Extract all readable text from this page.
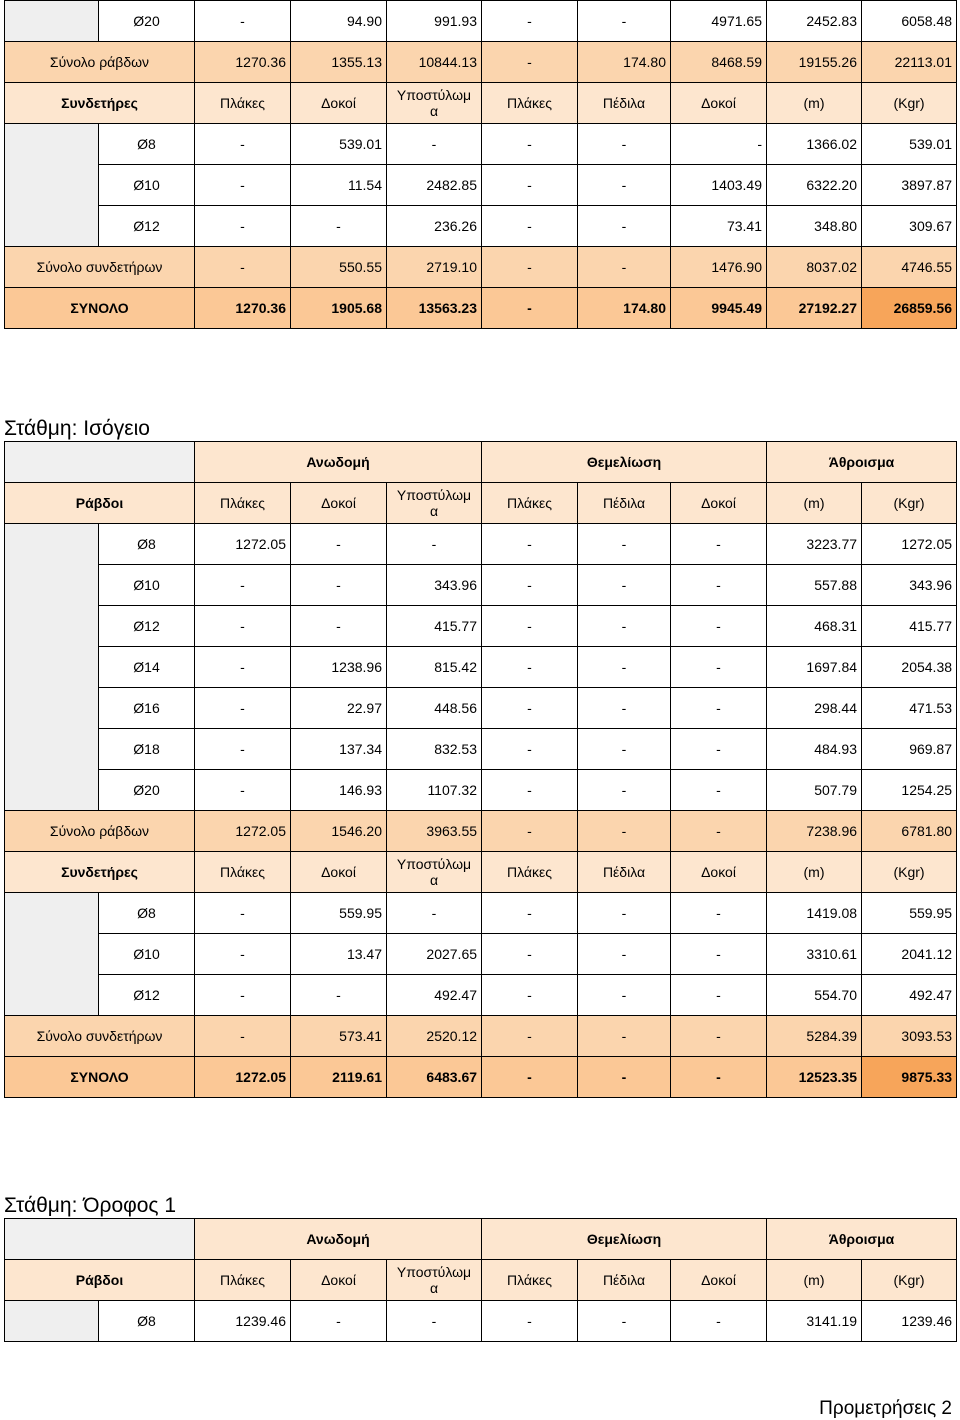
	Ø20	-	94.90	991.93	-	-	4971.65	2452.83	6058.48
Σύνολο ράβδων		1270.36	1355.13	10844.13	-	174.80	8468.59	19155.26	22113.01
Συνδετήρες		Πλάκες	Δοκοί	Υποστύλωμα	Πλάκες	Πέδιλα	Δοκοί	(m)	(Kgr)
	Ø8	-	539.01	-	-	-	-	1366.02	539.01
	Ø10	-	11.54	2482.85	-	-	1403.49	6322.20	3897.87
	Ø12	-	-	236.26	-	-	73.41	348.80	309.67
Σύνολο συνδετήρων		-	550.55	2719.10	-	-	1476.90	8037.02	4746.55
ΣΥΝΟΛΟ		1270.36	1905.68	13563.23	-	174.80	9945.49	27192.27	26859.56
Στάθμη: Ισόγειο
		Ανωδομή			Θεμελίωση			Άθροισμα	
Ράβδοι		Πλάκες	Δοκοί	Υποστύλωμα	Πλάκες	Πέδιλα	Δοκοί	(m)	(Kgr)
	Ø8	1272.05	-	-	-	-	-	3223.77	1272.05
	Ø10	-	-	343.96	-	-	-	557.88	343.96
	Ø12	-	-	415.77	-	-	-	468.31	415.77
	Ø14	-	1238.96	815.42	-	-	-	1697.84	2054.38
	Ø16	-	22.97	448.56	-	-	-	298.44	471.53
	Ø18	-	137.34	832.53	-	-	-	484.93	969.87
	Ø20	-	146.93	1107.32	-	-	-	507.79	1254.25
Σύνολο ράβδων		1272.05	1546.20	3963.55	-	-	-	7238.96	6781.80
Συνδετήρες		Πλάκες	Δοκοί	Υποστύλωμα	Πλάκες	Πέδιλα	Δοκοί	(m)	(Kgr)
	Ø8	-	559.95	-	-	-	-	1419.08	559.95
	Ø10	-	13.47	2027.65	-	-	-	3310.61	2041.12
	Ø12	-	-	492.47	-	-	-	554.70	492.47
Σύνολο συνδετήρων		-	573.41	2520.12	-	-	-	5284.39	3093.53
ΣΥΝΟΛΟ		1272.05	2119.61	6483.67	-	-	-	12523.35	9875.33
Στάθμη: Όροφος 1
		Ανωδομή			Θεμελίωση			Άθροισμα	
Ράβδοι		Πλάκες	Δοκοί	Υποστύλωμα	Πλάκες	Πέδιλα	Δοκοί	(m)	(Kgr)
	Ø8	1239.46	-	-	-	-	-	3141.19	1239.46
Προμετρήσεις 2
